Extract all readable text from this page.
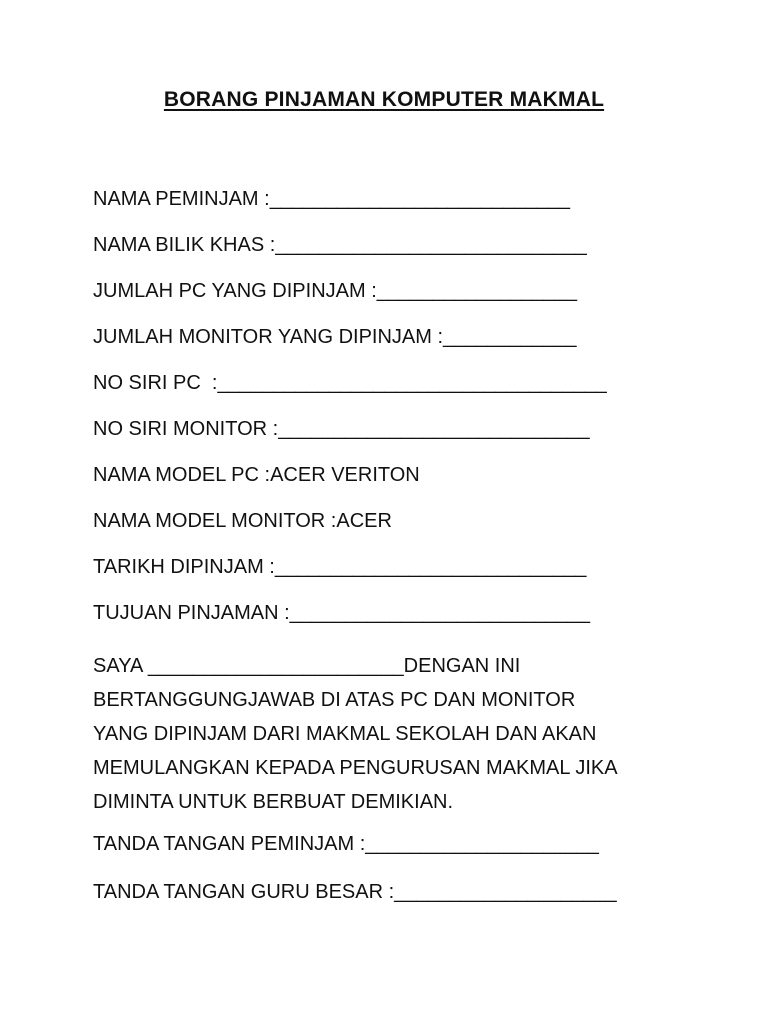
BORANG PINJAMAN KOMPUTER MAKMAL
NAMA PEMINJAM :___________________________
NAMA BILIK KHAS :____________________________
JUMLAH PC YANG DIPINJAM :__________________
JUMLAH MONITOR YANG DIPINJAM :____________
NO SIRI PC  :___________________________________
NO SIRI MONITOR :____________________________
NAMA MODEL PC :ACER VERITON
NAMA MODEL MONITOR :ACER
TARIKH DIPINJAM :____________________________
TUJUAN PINJAMAN :___________________________
SAYA _______________________DENGAN INI
BERTANGGUNGJAWAB DI ATAS PC DAN MONITOR
YANG DIPINJAM DARI MAKMAL SEKOLAH DAN AKAN
MEMULANGKAN KEPADA PENGURUSAN MAKMAL JIKA
DIMINTA UNTUK BERBUAT DEMIKIAN.
TANDA TANGAN PEMINJAM :_____________________
TANDA TANGAN GURU BESAR :____________________
